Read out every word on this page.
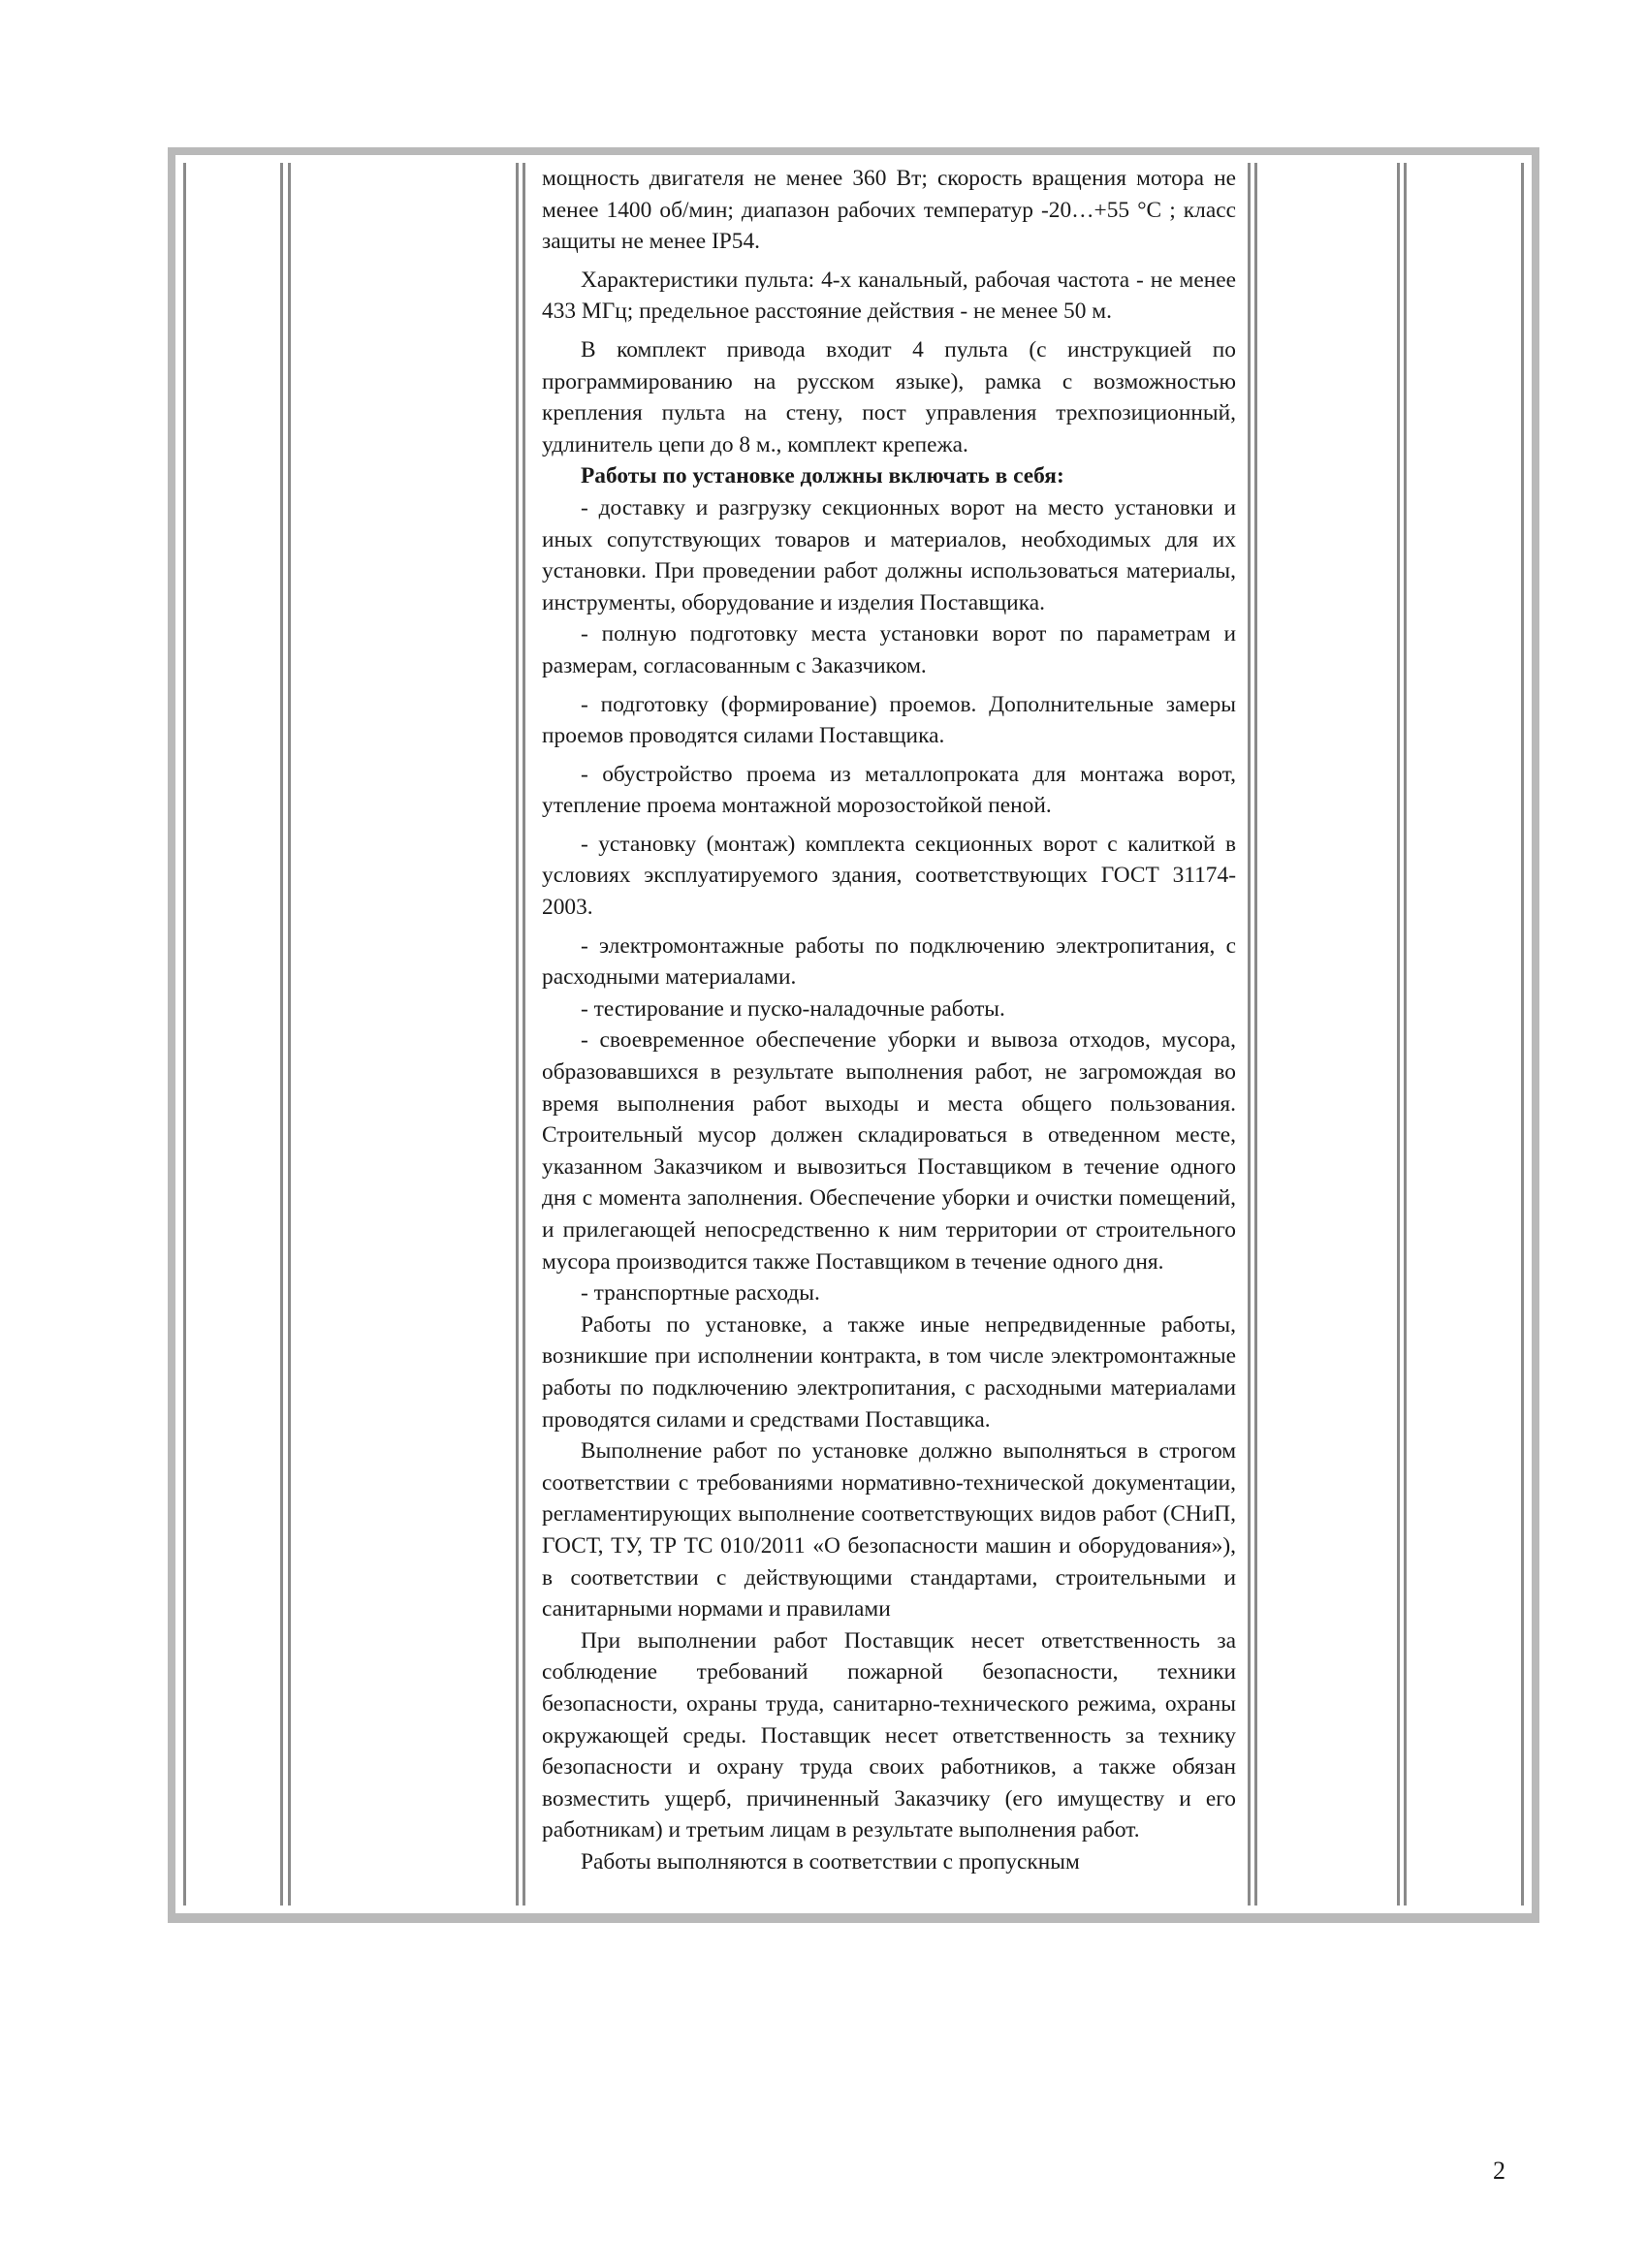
мощность двигателя не менее 360 Вт; скорость вращения мотора не менее 1400 об/мин; диапазон рабочих температур -20…+55 °С ; класс защиты не менее IP54.

Характеристики пульта: 4-х канальный, рабочая частота - не менее 433 МГц; предельное расстояние действия - не менее 50 м.

В комплект привода входит 4 пульта (с инструкцией по программированию на русском языке), рамка с возможностью крепления пульта на стену, пост управления трехпозиционный, удлинитель цепи до 8 м., комплект крепежа.

Работы по установке должны включать в себя:

- доставку и разгрузку секционных ворот на место установки и иных сопутствующих товаров и материалов, необходимых для их установки. При проведении работ должны использоваться материалы, инструменты, оборудование и изделия Поставщика.

- полную подготовку места установки ворот по параметрам и размерам, согласованным с Заказчиком.

- подготовку (формирование) проемов. Дополнительные замеры проемов проводятся силами Поставщика.

- обустройство проема из металлопроката для монтажа ворот, утепление проема монтажной морозостойкой пеной.

- установку (монтаж) комплекта секционных ворот с калиткой в условиях эксплуатируемого здания, соответствующих ГОСТ 31174-2003.

- электромонтажные работы по подключению электропитания, с расходными материалами.

- тестирование и пуско-наладочные работы.

- своевременное обеспечение уборки и вывоза отходов, мусора, образовавшихся в результате выполнения работ, не загромождая во время выполнения работ выходы и места общего пользования. Строительный мусор должен складироваться в отведенном месте, указанном Заказчиком и вывозиться Поставщиком в течение одного дня с момента заполнения. Обеспечение уборки и очистки помещений, и прилегающей непосредственно к ним территории от строительного мусора производится также Поставщиком в течение одного дня.

- транспортные расходы.

Работы по установке, а также иные непредвиденные работы, возникшие при исполнении контракта, в том числе электромонтажные работы по подключению электропитания, с расходными материалами проводятся силами и средствами Поставщика.

Выполнение работ по установке должно выполняться в строгом соответствии с требованиями нормативно-технической документации, регламентирующих выполнение соответствующих видов работ (СНиП, ГОСТ, ТУ, ТР ТС 010/2011 «О безопасности машин и оборудования»), в соответствии с действующими стандартами, строительными и санитарными нормами и правилами

При выполнении работ Поставщик несет ответственность за соблюдение требований пожарной безопасности, техники безопасности, охраны труда, санитарно-технического режима, охраны окружающей среды. Поставщик несет ответственность за технику безопасности и охрану труда своих работников, а также обязан возместить ущерб, причиненный Заказчику (его имуществу и его работникам) и третьим лицам в результате выполнения работ.

Работы выполняются в соответствии с пропускным

2
